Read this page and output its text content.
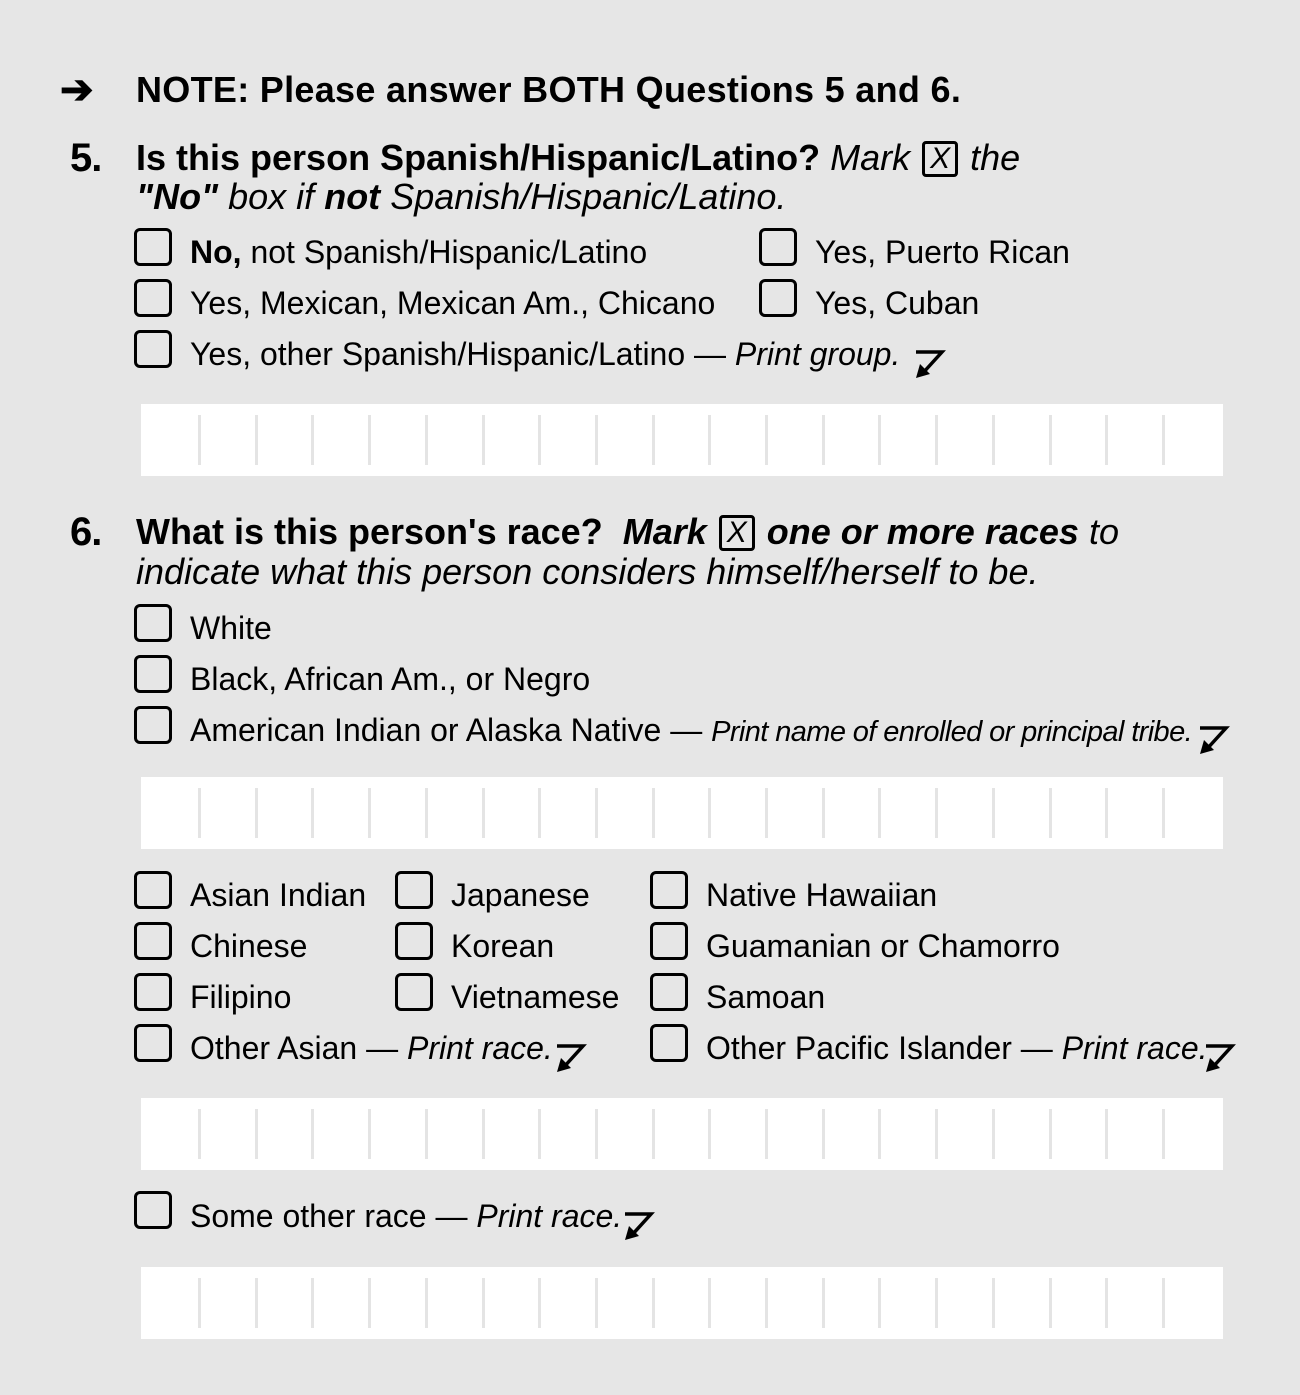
➔ NOTE: Please answer BOTH Questions 5 and 6.
5. Is this person Spanish/Hispanic/Latino? Mark X the
"No" box if not Spanish/Hispanic/Latino.
No, not Spanish/Hispanic/Latino	Yes, Puerto Rican
Yes, Mexican, Mexican Am., Chicano	Yes, Cuban
Yes, other Spanish/Hispanic/Latino — Print group.
6. What is this person's race? Mark X one or more races to
indicate what this person considers himself/herself to be.
White
Black, African Am., or Negro
American Indian or Alaska Native — Print name of enrolled or principal tribe.
Asian Indian	Japanese	Native Hawaiian
Chinese	Korean	Guamanian or Chamorro
Filipino	Vietnamese	Samoan
Other Asian — Print race.	Other Pacific Islander — Print race.
Some other race — Print race.
